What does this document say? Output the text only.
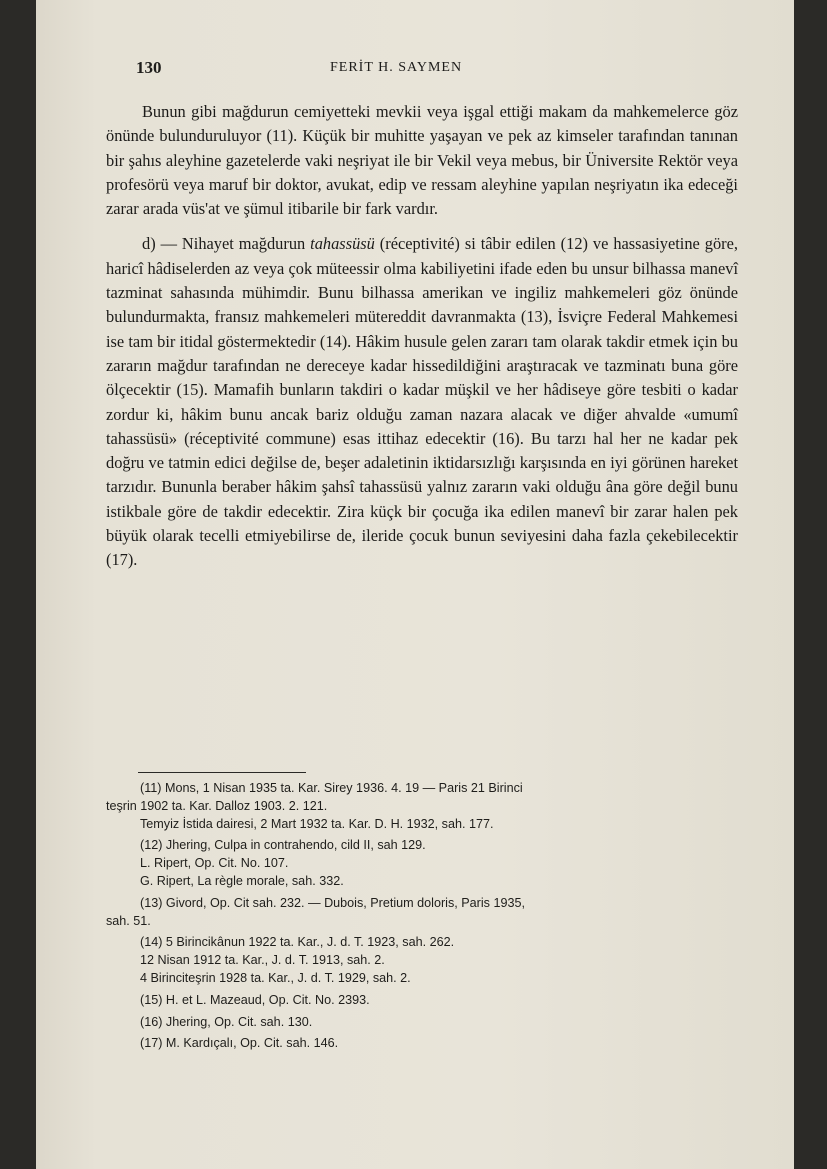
130	FERİT H. SAYMEN

Bunun gibi mağdurun cemiyetteki mevkii veya işgal ettiği makam da mahkemelerce göz önünde bulunduruluyor (11). Küçük bir muhitte yaşayan ve pek az kimseler tarafından tanınan bir şahıs aleyhine gazetelerde vaki neşriyat ile bir Vekil veya mebus, bir Üniversite Rektör veya profesörü veya maruf bir doktor, avukat, edip ve ressam aleyhine yapılan neşriyatın ika edeceği zarar arada vüs'at ve şümul itibarile bir fark vardır.

d) — Nihayet mağdurun tahassüsü (réceptivité) si tâbir edilen (12) ve hassasiyetine göre, haricî hâdiselerden az veya çok müteessir olma kabiliyetini ifade eden bu unsur bilhassa manevî tazminat sahasında mühimdir. Bunu bilhassa amerikan ve ingiliz mahkemeleri göz önünde bulundurmakta, fransız mahkemeleri mütereddit davranmakta (13), İsviçre Federal Mahkemesi ise tam bir itidal göstermektedir (14). Hâkim husule gelen zararı tam olarak takdir etmek için bu zararın mağdur tarafından ne dereceye kadar hissedildiğini araştıracak ve tazminatı buna göre ölçecektir (15). Mamafih bunların takdiri o kadar müşkil ve her hâdiseye göre tesbiti o kadar zordur ki, hâkim bunu ancak bariz olduğu zaman nazara alacak ve diğer ahvalde «umumî tahassüsü» (réceptivité commune) esas ittihaz edecektir (16). Bu tarzı hal her ne kadar pek doğru ve tatmin edici değilse de, beşer adaletinin iktidarsızlığı karşısında en iyi görünen hareket tarzıdır. Bununla beraber hâkim şahsî tahassüsü yalnız zararın vaki olduğu âna göre değil bunu istikbale göre de takdir edecektir. Zira küçk bir çocuğa ika edilen manevî bir zarar halen pek büyük olarak tecelli etmiyebilirse de, ileride çocuk bunun seviyesini daha fazla çekebilecektir (17).

(11) Mons, 1 Nisan 1935 ta. Kar. Sirey 1936. 4. 19 — Paris 21 Birinci
teşrin 1902 ta. Kar. Dalloz 1903. 2. 121.
Temyiz İstida dairesi, 2 Mart 1932 ta. Kar. D. H. 1932, sah. 177.
(12) Jhering, Culpa in contrahendo, cild II, sah 129.
L. Ripert, Op. Cit. No. 107.
G. Ripert, La règle morale, sah. 332.
(13) Givord, Op. Cit sah. 232. — Dubois, Pretium doloris, Paris 1935,
sah. 51.
(14) 5 Birincikânun 1922 ta. Kar., J. d. T. 1923, sah. 262.
12 Nisan 1912 ta. Kar., J. d. T. 1913, sah. 2.
4 Birinciteşrin 1928 ta. Kar., J. d. T. 1929, sah. 2.
(15) H. et L. Mazeaud, Op. Cit. No. 2393.
(16) Jhering, Op. Cit. sah. 130.
(17) M. Kardıçalı, Op. Cit. sah. 146.
